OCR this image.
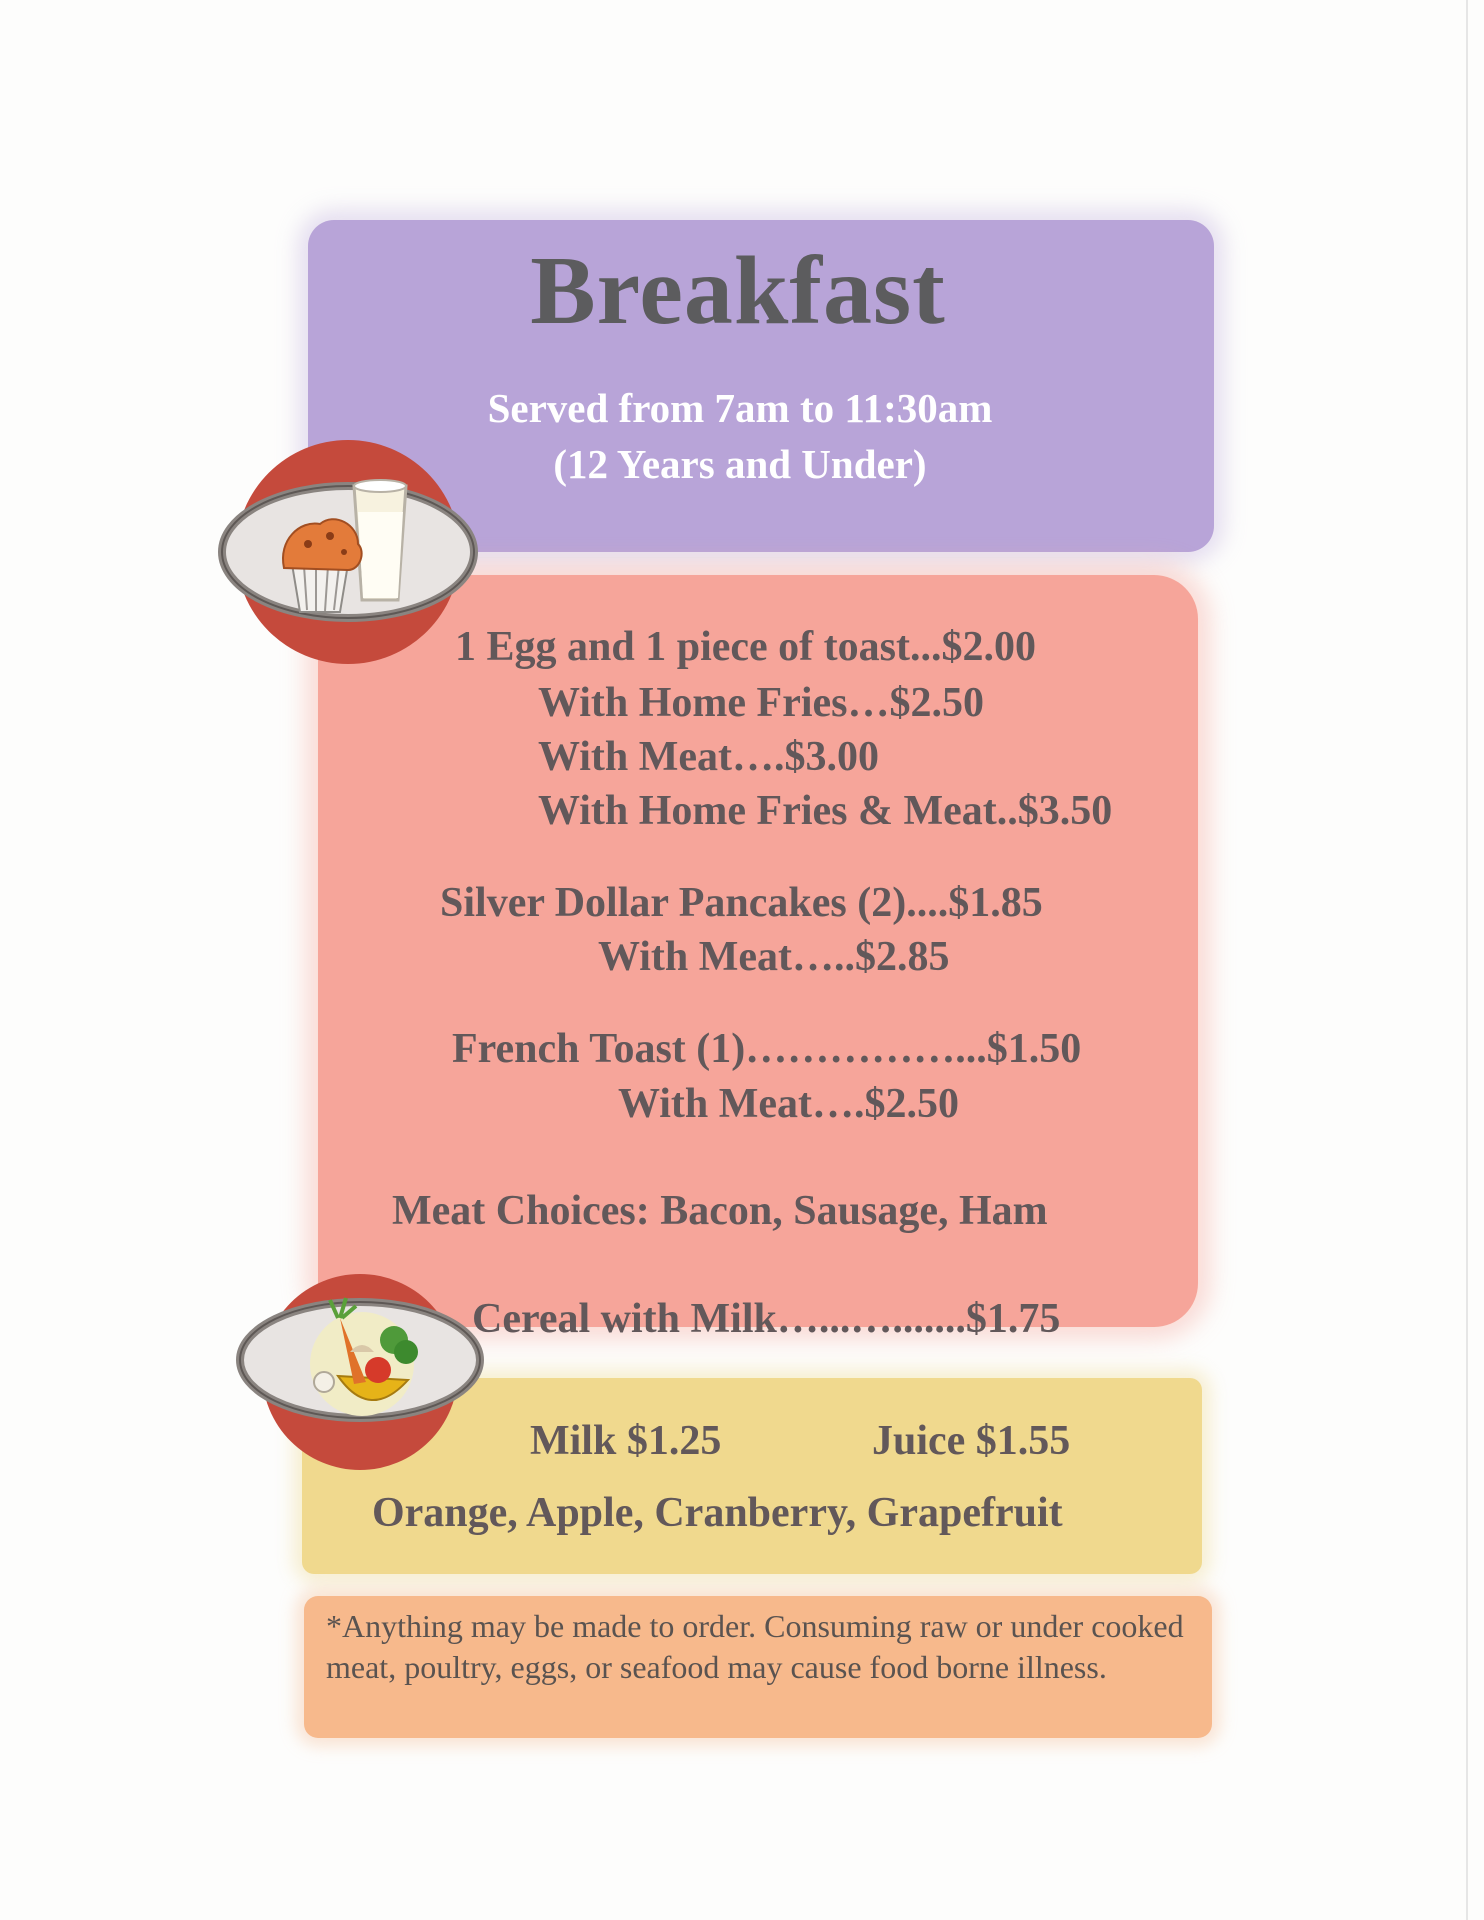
Breakfast
Served from 7am to 11:30am
(12 Years and Under)
1 Egg and 1 piece of toast...$2.00
With Home Fries…$2.50
With Meat….$3.00
With Home Fries & Meat..$3.50
Silver Dollar Pancakes (2)....$1.85
With Meat…..$2.85
French Toast (1)……………...$1.50
With Meat….$2.50
Meat Choices: Bacon, Sausage, Ham
Cereal with Milk…...….......$1.75
Milk $1.25	Juice $1.55
Orange, Apple, Cranberry, Grapefruit
*Anything may be made to order. Consuming raw or under cooked meat, poultry, eggs, or seafood may cause food borne illness.
